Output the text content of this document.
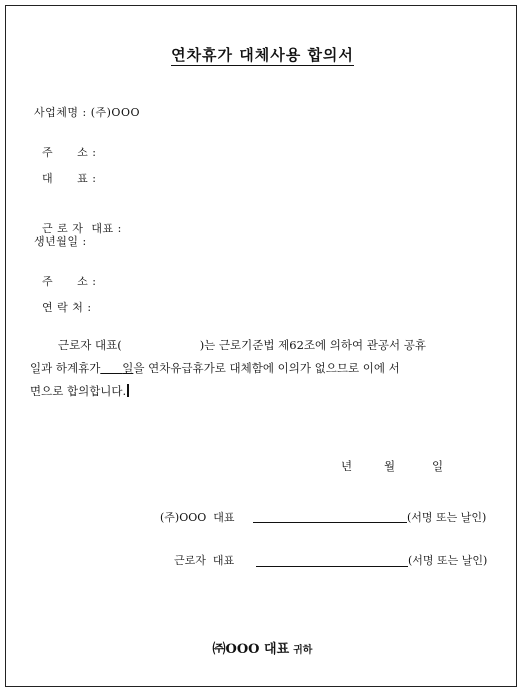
연차휴가 대체사용 합의서
사업체명 : (주)OOO

주      소 :

대      표 :

근 로 자  대표 :

생년월일 :

주      소 :

연 락 처 :

근로자 대표(	)는 근로기준법 제62조에 의하여 관공서 공휴
일과 하계휴가 일을 연차유급휴가로 대체함에 이의가 없으므로 이에 서
면으로 합의합니다.
년	월	일
(주)OOO  대표	(서명 또는 날인)
근로자  대표	(서명 또는 날인)
㈜OOO 대표 귀하
